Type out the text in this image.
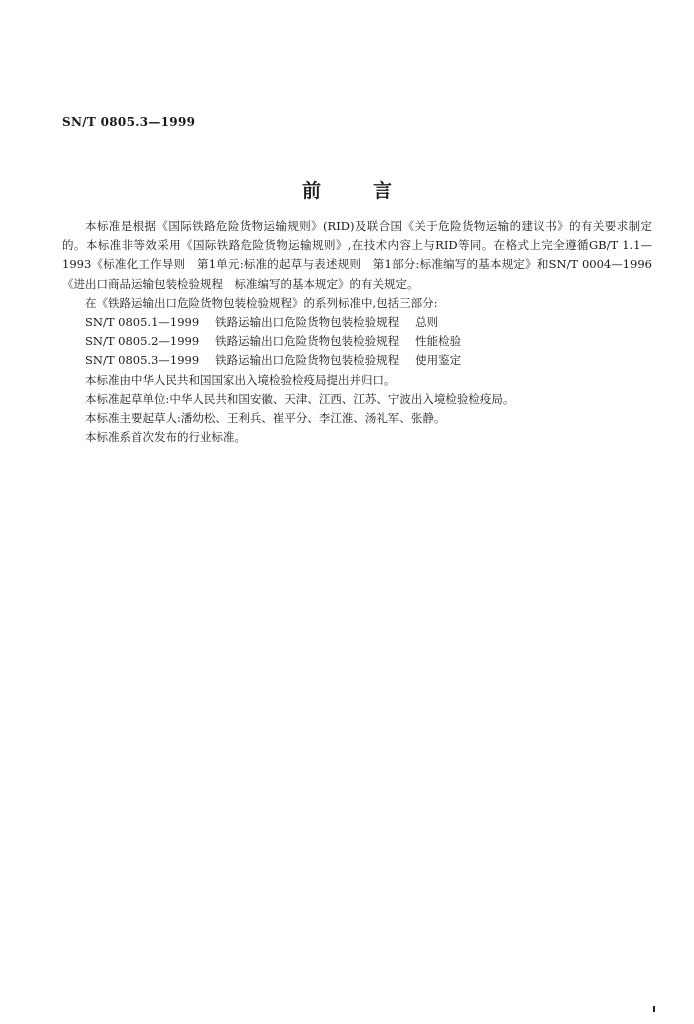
SN/T 0805.3—1999
前言

本标准是根据《国际铁路危险货物运输规则》(RID)及联合国《关于危险货物运输的建议书》的有关要求制定的。本标准非等效采用《国际铁路危险货物运输规则》,在技术内容上与RID等同。在格式上完全遵循GB/T 1.1—1993《标准化工作导则　第1单元:标准的起草与表述规则　第1部分:标准编写的基本规定》和SN/T 0004—1996《进出口商品运输包装检验规程　标准编写的基本规定》的有关规定。

在《铁路运输出口危险货物包装检验规程》的系列标准中,包括三部分:

SN/T 0805.1—1999 铁路运输出口危险货物包装检验规程 总则

SN/T 0805.2—1999 铁路运输出口危险货物包装检验规程 性能检验

SN/T 0805.3—1999 铁路运输出口危险货物包装检验规程 使用鉴定

本标准由中华人民共和国国家出入境检验检疫局提出并归口。

本标准起草单位:中华人民共和国安徽、天津、江西、江苏、宁波出入境检验检疫局。

本标准主要起草人:潘幼松、王利兵、崔平分、李江淮、汤礼军、张静。

本标准系首次发布的行业标准。
